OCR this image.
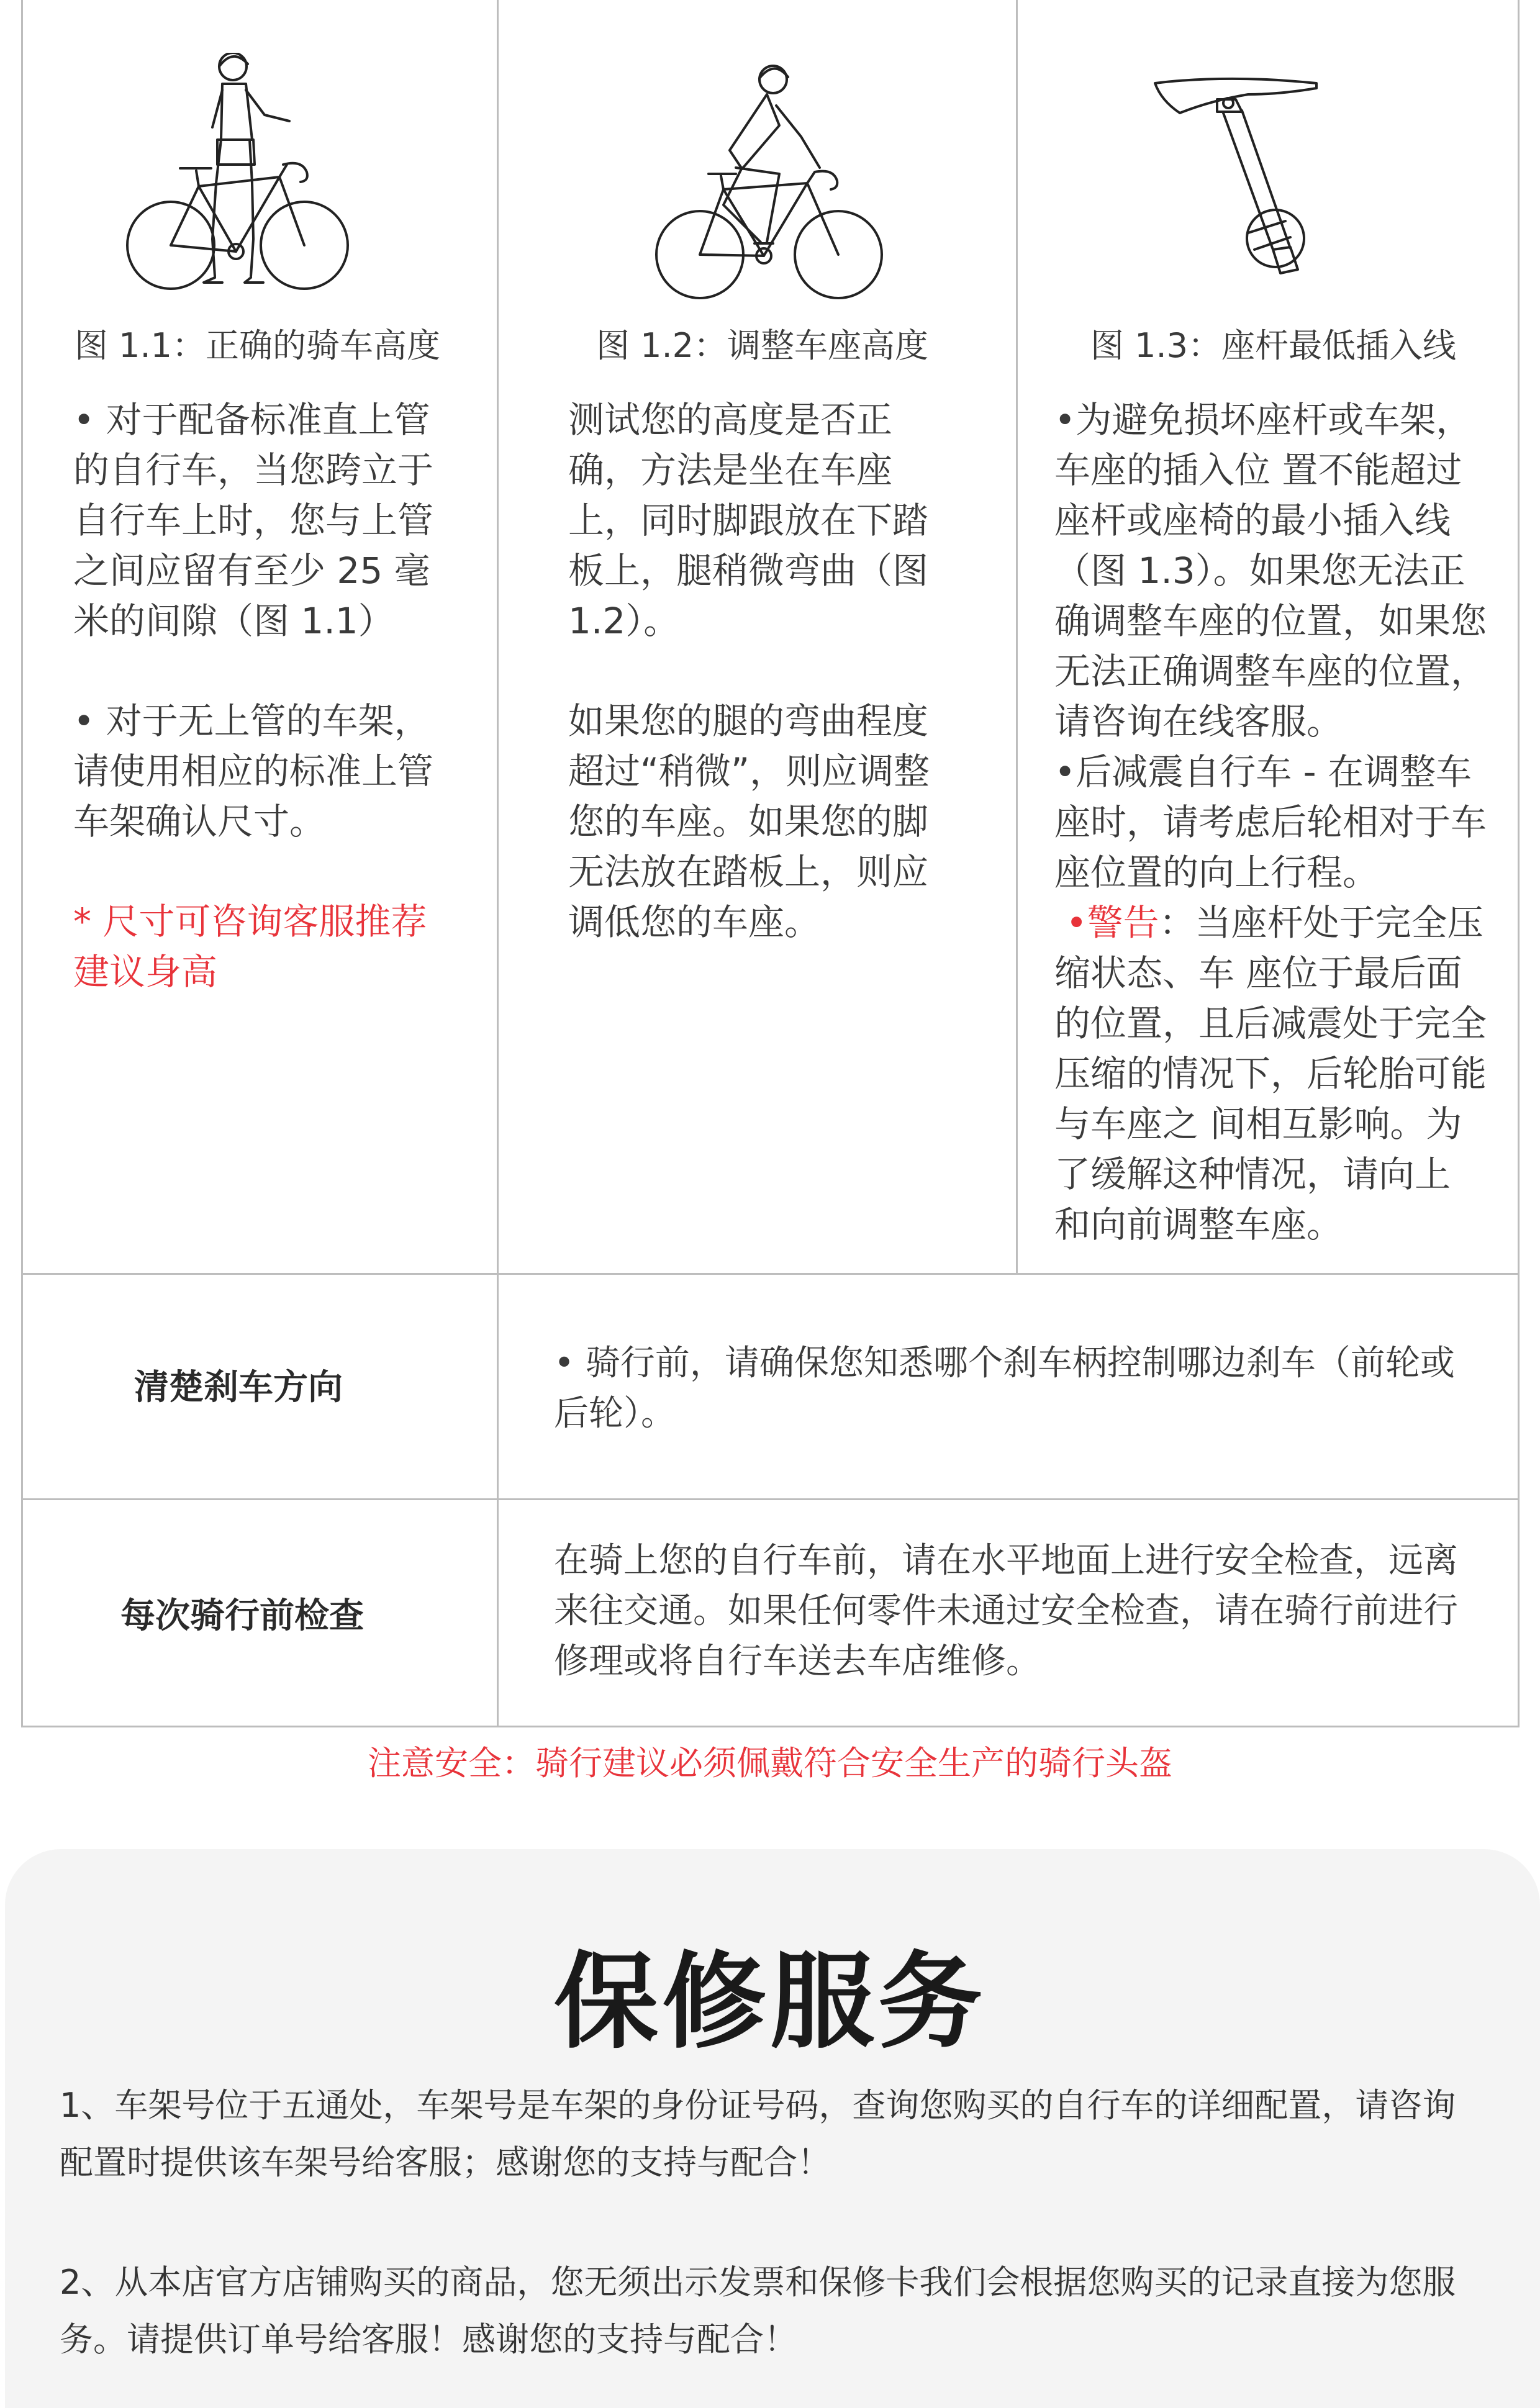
图 1.1：正确的骑车高度

• 对于配备标准直上管的自行车，当您跨立于自行车上时，您与上管之间应留有至少 25 毫米的间隙（图 1.1）

• 对于无上管的车架，请使用相应的标准上管车架确认尺寸。

* 尺寸可咨询客服推荐建议身高

图 1.2：调整车座高度

测试您的高度是否正确，方法是坐在车座上，同时脚跟放在下踏板上，腿稍微弯曲（图 1.2）。

如果您的腿的弯曲程度超过“稍微”，则应调整您的车座。如果您的脚无法放在踏板上，则应调低您的车座。

图 1.3：座杆最低插入线

•为避免损坏座杆或车架，车座的插入位 置不能超过座杆或座椅的最小插入线（图 1.3）。如果您无法正确调整车座的位置，如果您无法正确调整车座的位置，请咨询在线客服。

•后减震自行车 - 在调整车座时，请考虑后轮相对于车座位置的向上行程。

•警告：当座杆处于完全压缩状态、车 座位于最后面的位置，且后减震处于完全压缩的情况下，后轮胎可能与车座之 间相互影响。为了缓解这种情况，请向上 和向前调整车座。

清楚刹车方向
• 骑行前，请确保您知悉哪个刹车柄控制哪边刹车（前轮或后轮）。
每次骑行前检查
在骑上您的自行车前，请在水平地面上进行安全检查，远离来往交通。如果任何零件未通过安全检查，请在骑行前进行修理或将自行车送去车店维修。
注意安全：骑行建议必须佩戴符合安全生产的骑行头盔
保修服务
1、车架号位于五通处，车架号是车架的身份证号码，查询您购买的自行车的详细配置，请咨询配置时提供该车架号给客服；感谢您的支持与配合！
2、从本店官方店铺购买的商品，您无须出示发票和保修卡我们会根据您购买的记录直接为您服务。请提供订单号给客服！感谢您的支持与配合！
